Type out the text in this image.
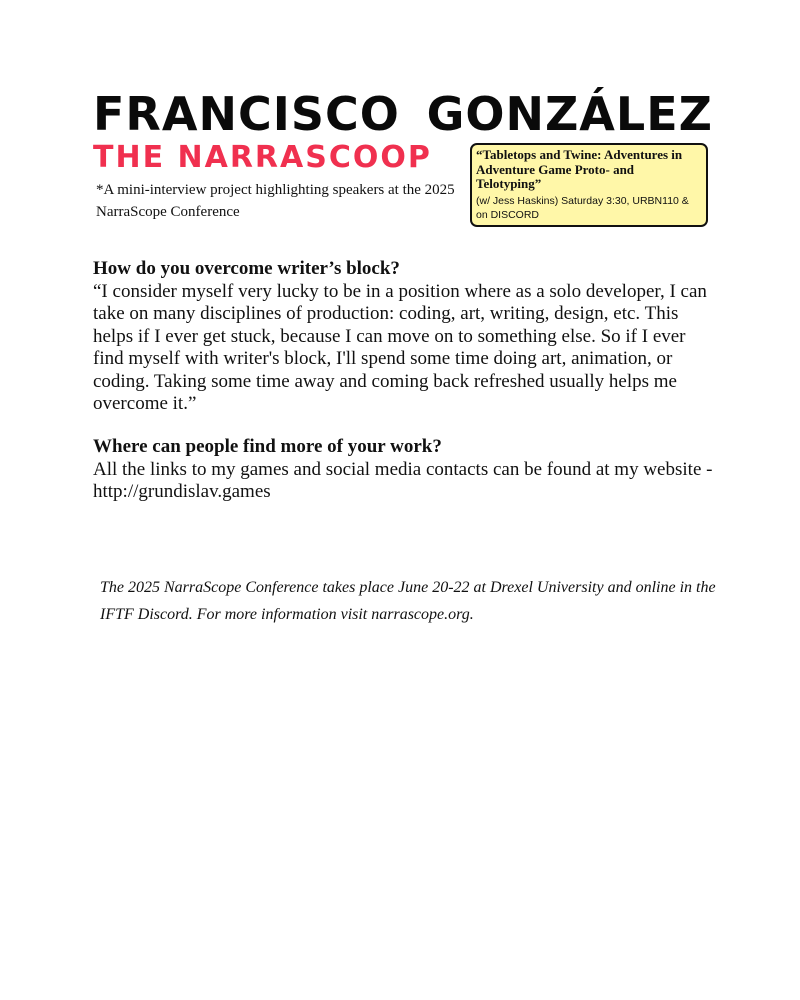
FRANCISCO GONZÁLEZ
THE NARRASCOOP

*A mini-interview project highlighting speakers at the 2025 NarraScope Conference

“Tabletops and Twine: Adventures in Adventure Game Proto- and Telotyping”

(w/ Jess Haskins) Saturday 3:30, URBN110 & on DISCORD

How do you overcome writer’s block?

“I consider myself very lucky to be in a position where as a solo developer, I can take on many disciplines of production: coding, art, writing, design, etc. This helps if I ever get stuck, because I can move on to something else. So if I ever find myself with writer's block, I'll spend some time doing art, animation, or coding. Taking some time away and coming back refreshed usually helps me overcome it.”

Where can people find more of your work?

All the links to my games and social media contacts can be found at my website - http://grundislav.games

The 2025 NarraScope Conference takes place June 20-22 at Drexel University and online in the IFTF Discord. For more information visit narrascope.org.
